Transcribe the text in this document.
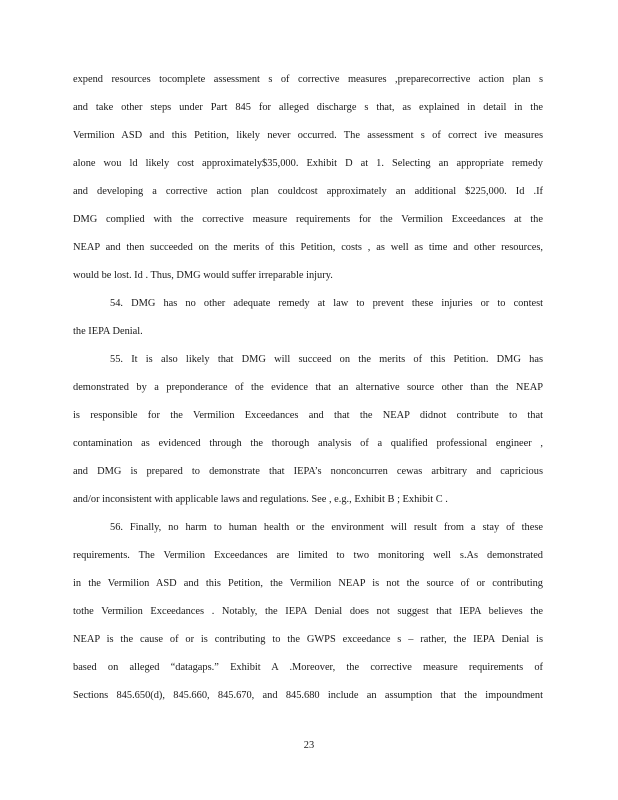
expend resources tocomplete assessment s of corrective measures ,preparecorrective action plan s
and take other steps under Part 845 for alleged discharge s that, as explained in detail in the
Vermilion ASD and this Petition, likely never occurred. The assessment s of correct ive measures
alone wou ld likely cost approximately$35,000. Exhibit D at 1. Selecting an appropriate remedy
and developing a corrective action plan couldcost approximately an additional $225,000. Id .If
DMG complied with the corrective measure requirements for the Vermilion Exceedances at the
NEAP and then succeeded on the merits of this Petition, costs , as well as time and other resources,
would be lost. Id . Thus, DMG would suffer irreparable injury.
54. DMG has no other adequate remedy at law to prevent these injuries or to contest
the IEPA Denial.
55. It is also likely that DMG will succeed on the merits of this Petition. DMG has
demonstrated by a preponderance of the evidence that an alternative source other than the NEAP
is responsible for the Vermilion Exceedances and that the NEAP didnot contribute to that
contamination as evidenced through the thorough analysis of a qualified professional engineer ,
and DMG is prepared to demonstrate that IEPA’s nonconcurren cewas arbitrary and capricious
and/or inconsistent with applicable laws and regulations. See , e.g., Exhibit B ; Exhibit C .
56. Finally, no harm to human health or the environment will result from a stay of these
requirements. The Vermilion Exceedances are limited to two monitoring well s.As demonstrated
in the Vermilion ASD and this Petition, the Vermilion NEAP is not the source of or contributing
tothe Vermilion Exceedances . Notably, the IEPA Denial does not suggest that IEPA believes the
NEAP is the cause of or is contributing to the GWPS exceedance s – rather, the IEPA Denial is
based on alleged “datagaps.” Exhibit A .Moreover, the corrective measure requirements of
Sections 845.650(d), 845.660, 845.670, and 845.680 include an assumption that the impoundment
23
